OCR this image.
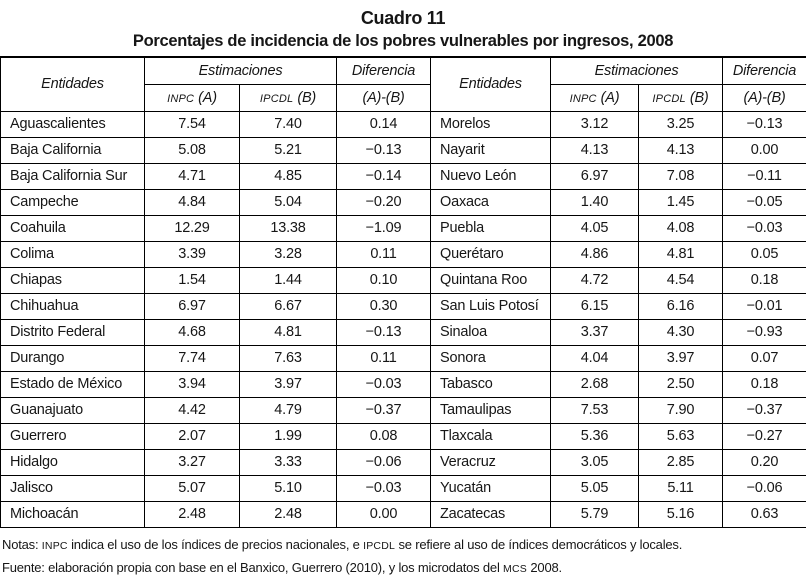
Cuadro 11
Porcentajes de incidencia de los pobres vulnerables por ingresos, 2008
Entidades	Estimaciones		Diferencia	Entidades	Estimaciones		Diferencia
	INPC (A)	IPCDL (B)	(A)-(B)		INPC (A)	IPCDL (B)	(A)-(B)
Aguascalientes	7.54	7.40	0.14	Morelos	3.12	3.25	−0.13
Baja California	5.08	5.21	−0.13	Nayarit	4.13	4.13	0.00
Baja California Sur	4.71	4.85	−0.14	Nuevo León	6.97	7.08	−0.11
Campeche	4.84	5.04	−0.20	Oaxaca	1.40	1.45	−0.05
Coahuila	12.29	13.38	−1.09	Puebla	4.05	4.08	−0.03
Colima	3.39	3.28	0.11	Querétaro	4.86	4.81	0.05
Chiapas	1.54	1.44	0.10	Quintana Roo	4.72	4.54	0.18
Chihuahua	6.97	6.67	0.30	San Luis Potosí	6.15	6.16	−0.01
Distrito Federal	4.68	4.81	−0.13	Sinaloa	3.37	4.30	−0.93
Durango	7.74	7.63	0.11	Sonora	4.04	3.97	0.07
Estado de México	3.94	3.97	−0.03	Tabasco	2.68	2.50	0.18
Guanajuato	4.42	4.79	−0.37	Tamaulipas	7.53	7.90	−0.37
Guerrero	2.07	1.99	0.08	Tlaxcala	5.36	5.63	−0.27
Hidalgo	3.27	3.33	−0.06	Veracruz	3.05	2.85	0.20
Jalisco	5.07	5.10	−0.03	Yucatán	5.05	5.11	−0.06
Michoacán	2.48	2.48	0.00	Zacatecas	5.79	5.16	0.63
Notas: INPC indica el uso de los índices de precios nacionales, e IPCDL se refiere al uso de índices democráticos y locales.
Fuente: elaboración propia con base en el Banxico, Guerrero (2010), y los microdatos del MCS 2008.
